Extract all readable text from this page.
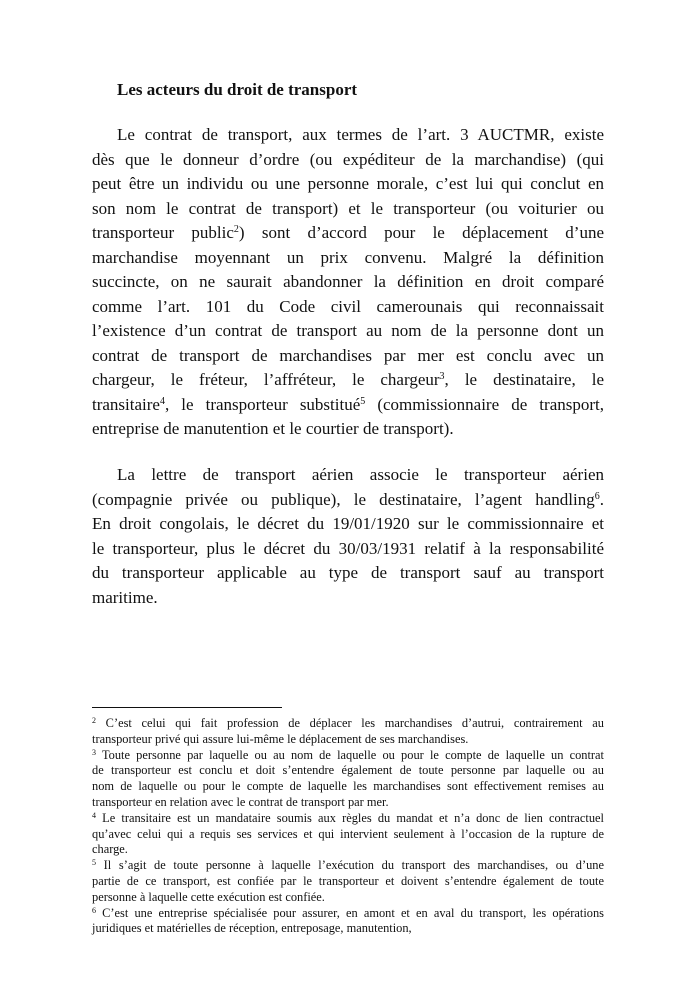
Les acteurs du droit de transport
Le contrat de transport, aux termes de l’art. 3 AUCTMR, existe
dès que le donneur d’ordre (ou expéditeur de la marchandise) (qui
peut être un individu ou une personne morale, c’est lui qui conclut en
son nom le contrat de transport) et le transporteur (ou voiturier ou
transporteur public$^2$) sont d’accord pour le déplacement d’une
marchandise moyennant un prix convenu. Malgré la définition
succincte, on ne saurait abandonner la définition en droit comparé
comme l’art. 101 du Code civil camerounais qui reconnaissait
l’existence d’un contrat de transport au nom de la personne dont un
contrat de transport de marchandises par mer est conclu avec un
chargeur, le fréteur, l’affréteur, le chargeur$^3$, le destinataire, le
transitaire$^4$, le transporteur substitué$^5$ (commissionnaire de transport,
entreprise de manutention et le courtier de transport).
La lettre de transport aérien associe le transporteur aérien
(compagnie privée ou publique), le destinataire, l’agent handling$^6$.
En droit congolais, le décret du 19/01/1920 sur le commissionnaire et
le transporteur, plus le décret du 30/03/1931 relatif à la responsabilité
du transporteur applicable au type de transport sauf au transport
maritime.
$^2$ C’est celui qui fait profession de déplacer les marchandises d’autrui, contrairement au
transporteur privé qui assure lui-même le déplacement de ses marchandises.
$^3$ Toute personne par laquelle ou au nom de laquelle ou pour le compte de laquelle un contrat
de transporteur est conclu et doit s’entendre également de toute personne par laquelle ou au
nom de laquelle ou pour le compte de laquelle les marchandises sont effectivement remises au
transporteur en relation avec le contrat de transport par mer.
$^4$ Le transitaire est un mandataire soumis aux règles du mandat et n’a donc de lien contractuel
qu’avec celui qui a requis ses services et qui intervient seulement à l’occasion de la rupture de
charge.
$^5$ Il s’agit de toute personne à laquelle l’exécution du transport des marchandises, ou d’une
partie de ce transport, est confiée par le transporteur et doivent s’entendre également de toute
personne à laquelle cette exécution est confiée.
$^6$ C’est une entreprise spécialisée pour assurer, en amont et en aval du transport, les opérations
juridiques et matérielles de réception, entreposage, manutention,
